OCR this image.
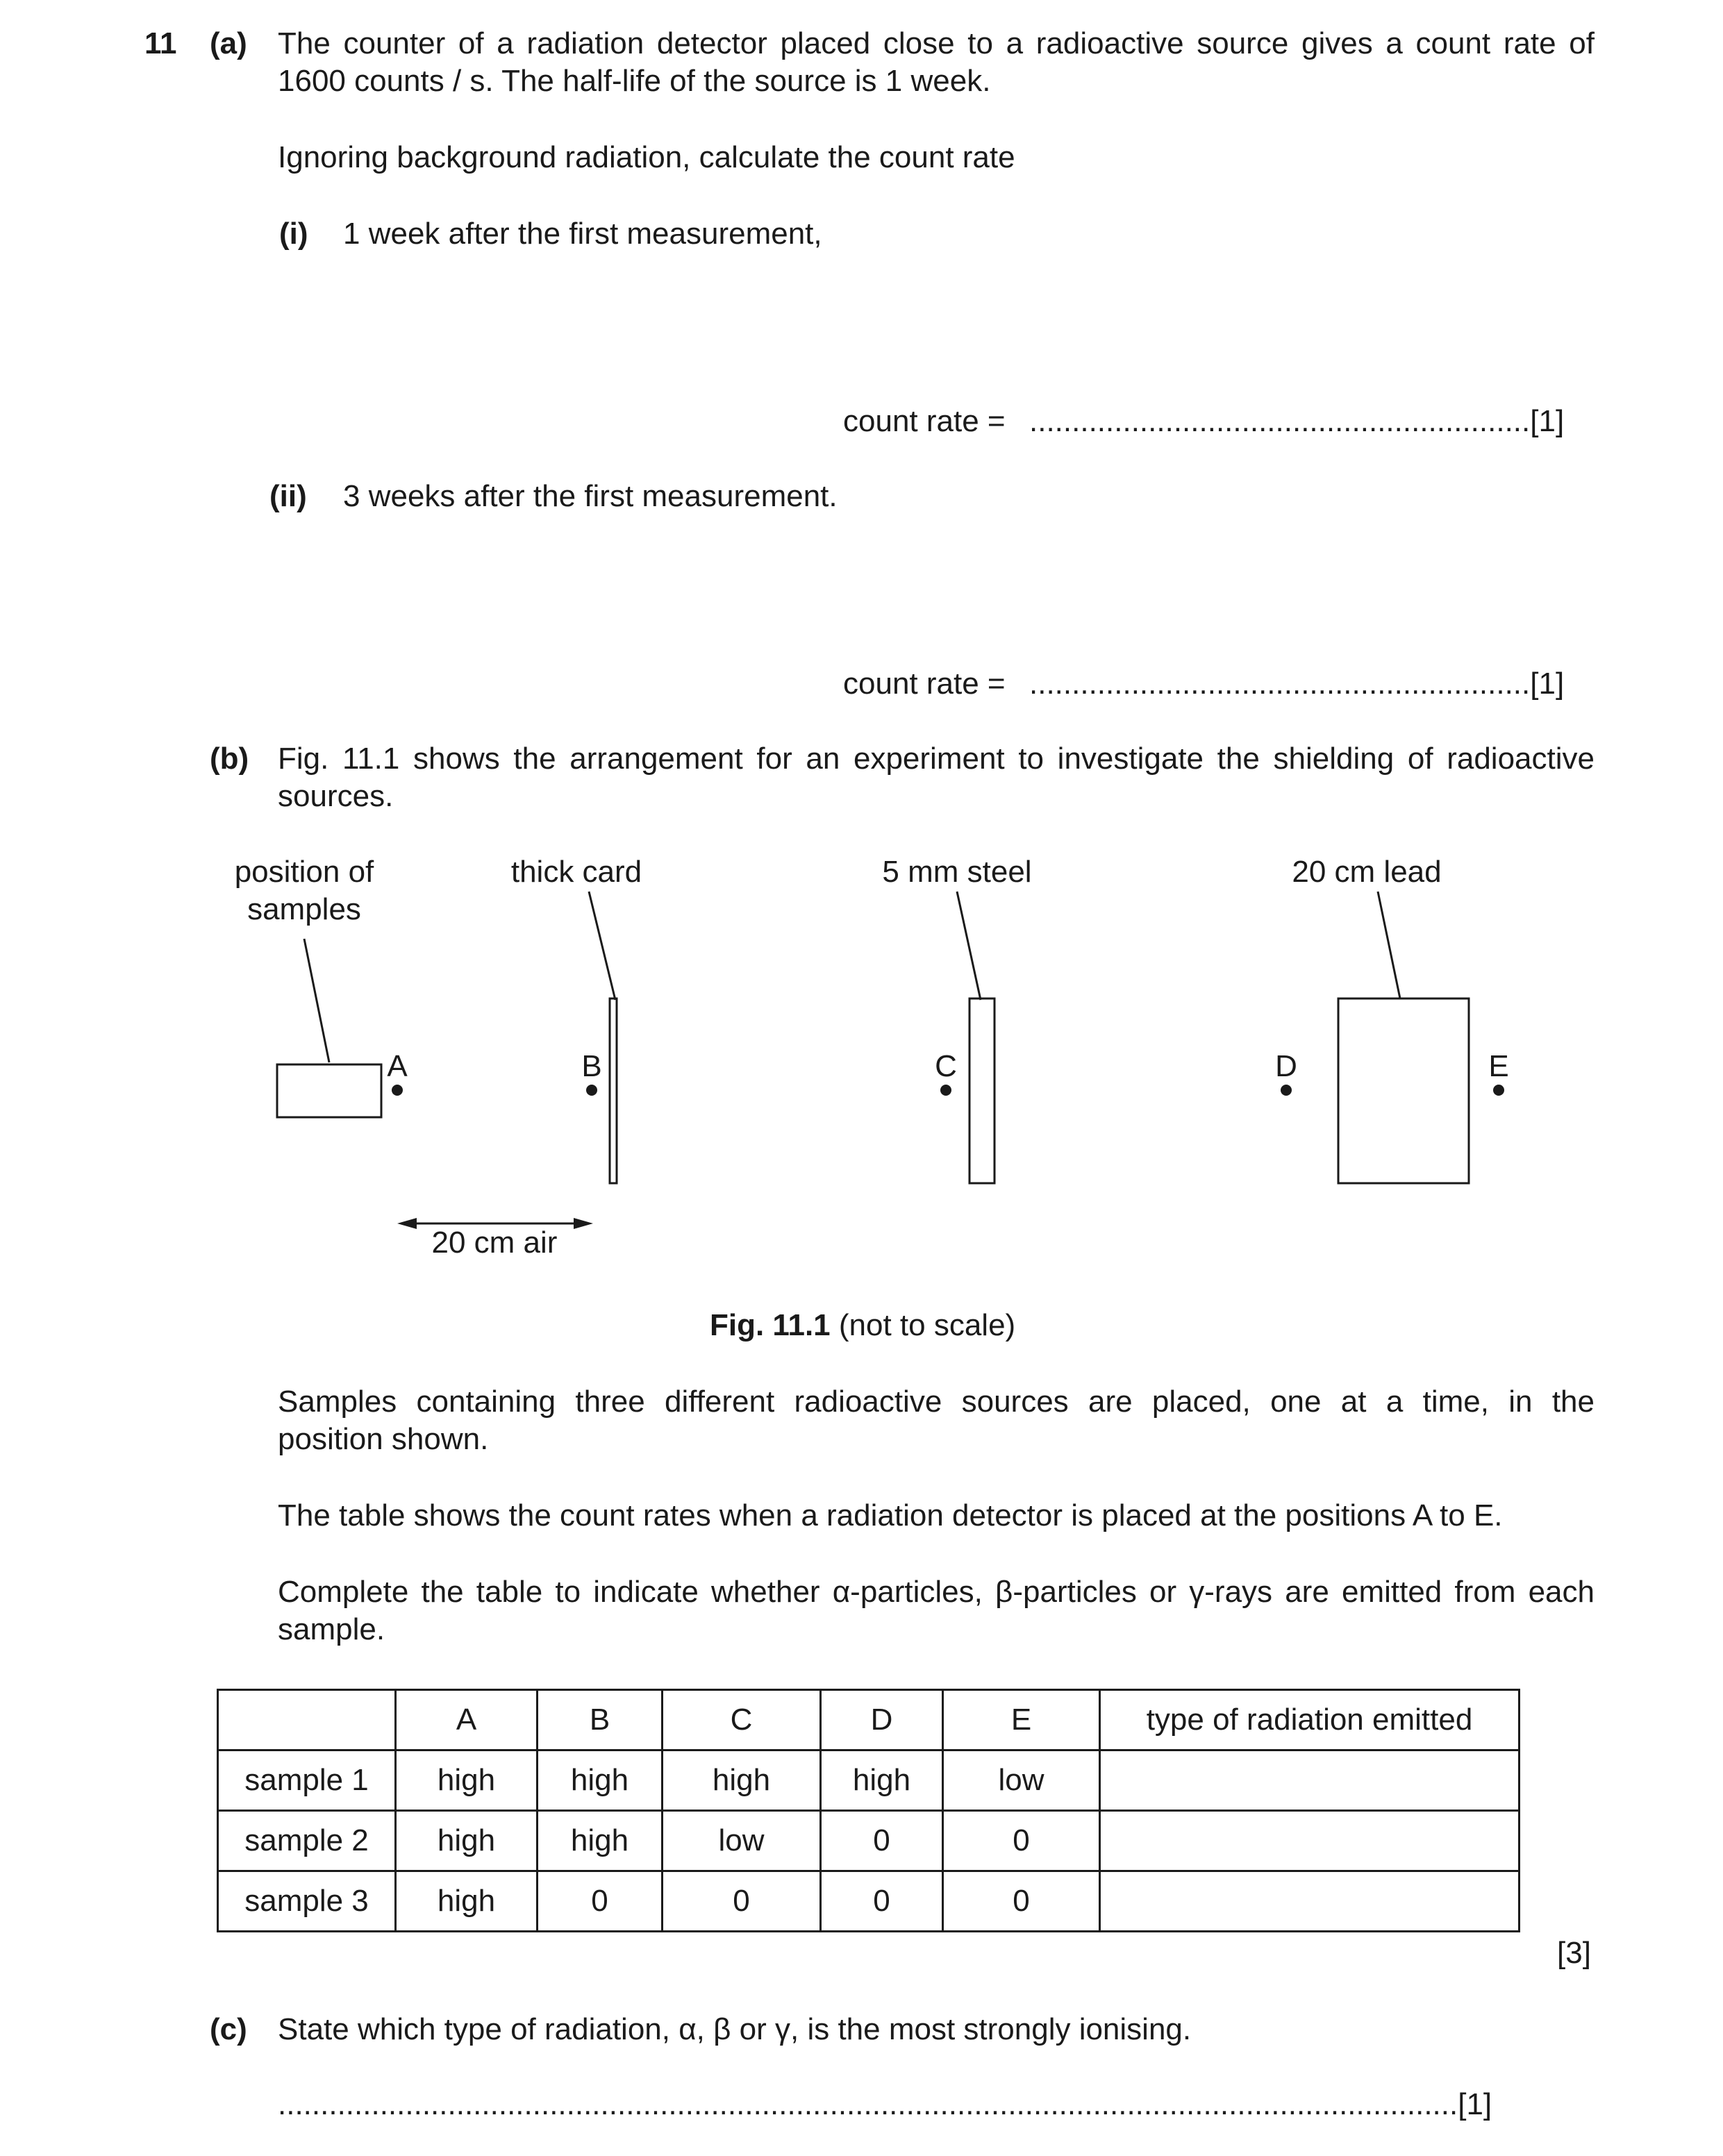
11 (a) The counter of a radiation detector placed close to a radioactive source gives a count rate of
1600 counts / s. The half-life of the source is 1 week.
Ignoring background radiation, calculate the count rate
(i) 1 week after the first measurement,
count rate = ...........................................................[1]
(ii) 3 weeks after the first measurement.
count rate = ...........................................................[1]
(b) Fig. 11.1 shows the arrangement for an experiment to investigate the shielding of radioactive
sources.
position of
samples
thick card	5 mm steel	20 cm lead
A	B	C	D	E
20 cm air
Fig. 11.1 (not to scale)
Samples containing three different radioactive sources are placed, one at a time, in the
position shown.
The table shows the count rates when a radiation detector is placed at the positions A to E.
Complete the table to indicate whether α-particles, β-particles or γ-rays are emitted from each
sample.
	A	B	C	D	E	type of radiation emitted
sample 1	high	high	high	high	low	
sample 2	high	high	low	0	0	
sample 3	high	0	0	0	0	
[3]
(c) State which type of radiation, α, β or γ, is the most strongly ionising.
...........................................................................................................................................[1]
